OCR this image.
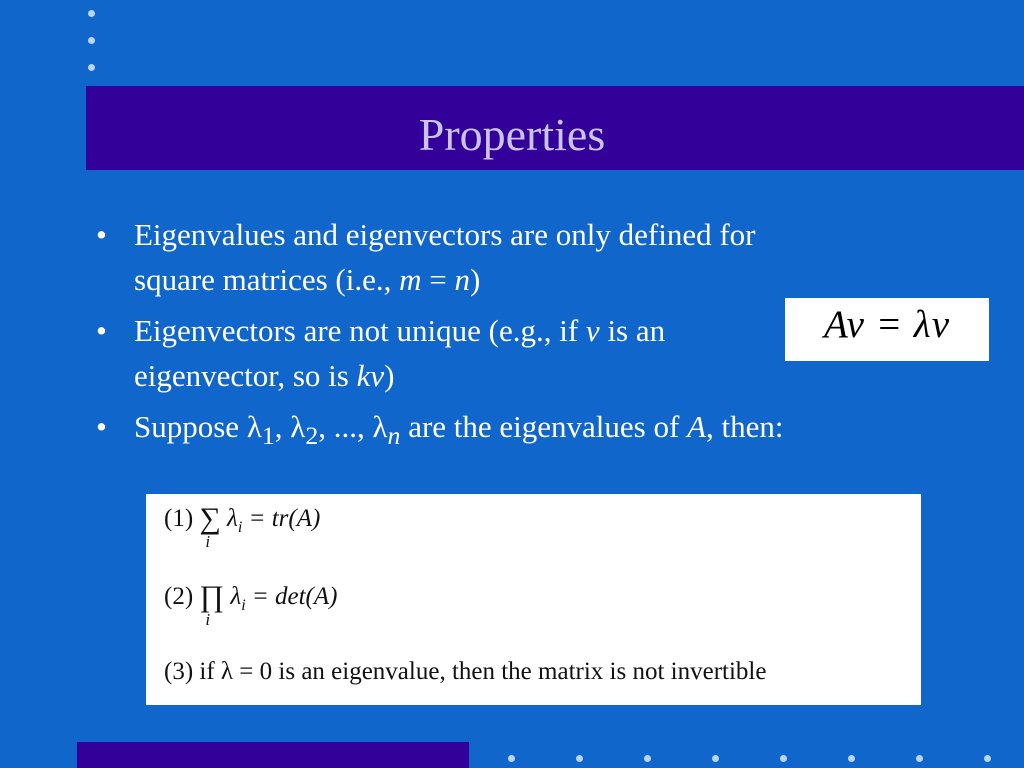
Properties
• Eigenvalues and eigenvectors are only defined for
square matrices (i.e., m = n)
• Eigenvectors are not unique (e.g., if v is an
eigenvector, so is kv)
• Suppose $\lambda_1$, $\lambda_2$, ..., $\lambda_n$ are the eigenvalues of A, then:
Av = λv
(1) ∑
i
$\lambda_i = tr(A)$
(2) ∏
i
$\lambda_i = \det(A)$
(3) if λ = 0 is an eigenvalue, then the matrix is not invertible
